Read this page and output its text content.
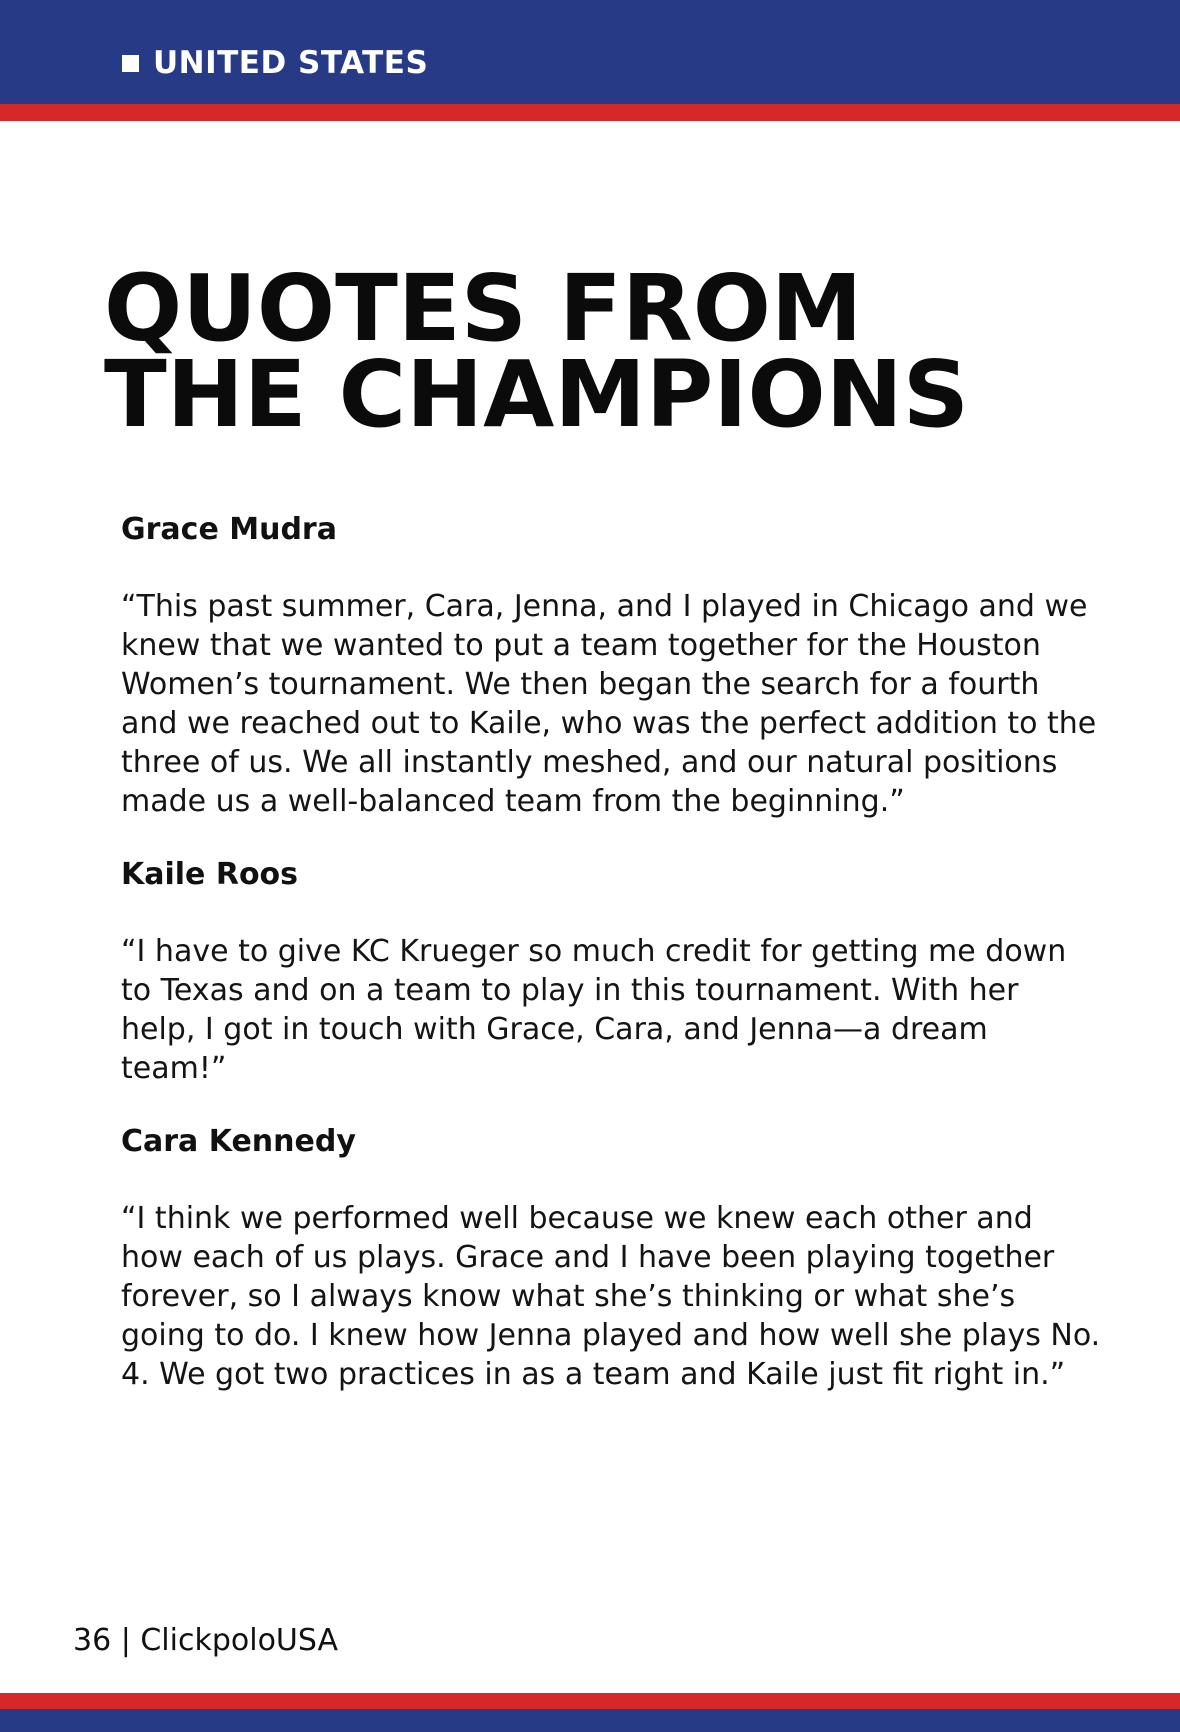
UNITED STATES
QUOTES FROM
THE CHAMPIONS

Grace Mudra

“This past summer, Cara, Jenna, and I played in Chicago and we knew that we wanted to put a team together for the Houston Women’s tournament. We then began the search for a fourth and we reached out to Kaile, who was the perfect addition to the three of us. We all instantly meshed, and our natural positions made us a well-balanced team from the beginning.”

Kaile Roos

“I have to give KC Krueger so much credit for getting me down to Texas and on a team to play in this tournament. With her help, I got in touch with Grace, Cara, and Jenna—a dream team!”

Cara Kennedy

“I think we performed well because we knew each other and how each of us plays. Grace and I have been playing together forever, so I always know what she’s thinking or what she’s going to do. I knew how Jenna played and how well she plays No. 4. We got two practices in as a team and Kaile just fit right in.”

36 | ClickpoloUSA
